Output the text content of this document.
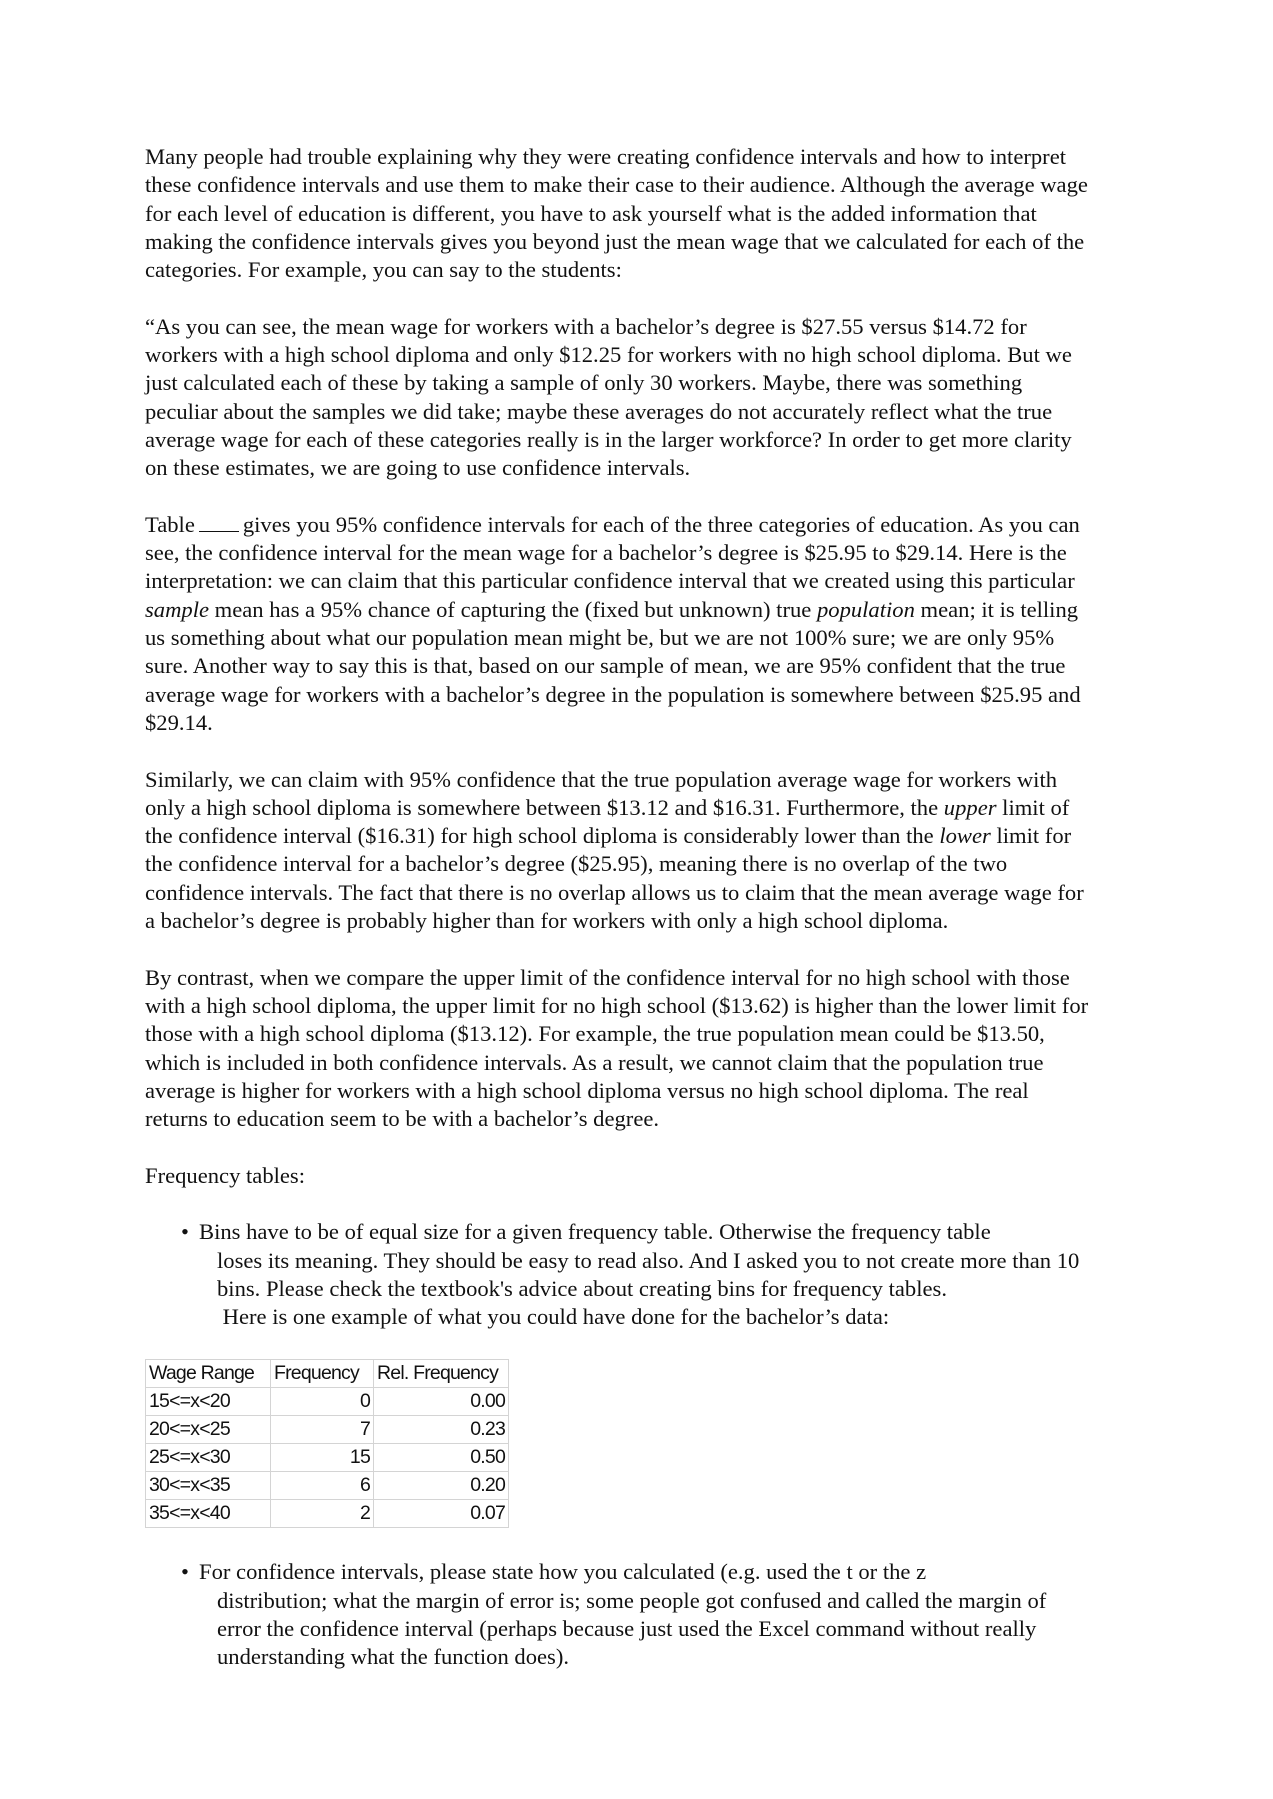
Many people had trouble explaining why they were creating confidence intervals and how to interpret these confidence intervals and use them to make their case to their audience. Although the average wage for each level of education is different, you have to ask yourself what is the added information that making the confidence intervals gives you beyond just the mean wage that we calculated for each of the categories. For example, you can say to the students:

“As you can see, the mean wage for workers with a bachelor’s degree is $27.55 versus $14.72 for workers with a high school diploma and only $12.25 for workers with no high school diploma. But we just calculated each of these by taking a sample of only 30 workers. Maybe, there was something peculiar about the samples we did take; maybe these averages do not accurately reflect what the true average wage for each of these categories really is in the larger workforce? In order to get more clarity on these estimates, we are going to use confidence intervals.

Table gives you 95% confidence intervals for each of the three categories of education. As you can see, the confidence interval for the mean wage for a bachelor’s degree is $25.95 to $29.14. Here is the interpretation: we can claim that this particular confidence interval that we created using this particular sample mean has a 95% chance of capturing the (fixed but unknown) true population mean; it is telling us something about what our population mean might be, but we are not 100% sure; we are only 95% sure. Another way to say this is that, based on our sample of mean, we are 95% confident that the true average wage for workers with a bachelor’s degree in the population is somewhere between $25.95 and $29.14.

Similarly, we can claim with 95% confidence that the true population average wage for workers with only a high school diploma is somewhere between $13.12 and $16.31. Furthermore, the upper limit of the confidence interval ($16.31) for high school diploma is considerably lower than the lower limit for the confidence interval for a bachelor’s degree ($25.95), meaning there is no overlap of the two confidence intervals. The fact that there is no overlap allows us to claim that the mean average wage for a bachelor’s degree is probably higher than for workers with only a high school diploma.

By contrast, when we compare the upper limit of the confidence interval for no high school with those with a high school diploma, the upper limit for no high school ($13.62) is higher than the lower limit for those with a high school diploma ($13.12). For example, the true population mean could be $13.50, which is included in both confidence intervals. As a result, we cannot claim that the population true average is higher for workers with a high school diploma versus no high school diploma. The real returns to education seem to be with a bachelor’s degree.

Frequency tables:

• Bins have to be of equal size for a given frequency table. Otherwise the frequency table
loses its meaning. They should be easy to read also. And I asked you to not create more than 10 bins. Please check the textbook's advice about creating bins for frequency tables.
Here is one example of what you could have done for the bachelor’s data:
Wage Range	Frequency	Rel. Frequency
15<=x<20	0	0.00
20<=x<25	7	0.23
25<=x<30	15	0.50
30<=x<35	6	0.20
35<=x<40	2	0.07
• For confidence intervals, please state how you calculated (e.g. used the t or the z
distribution; what the margin of error is; some people got confused and called the margin of error the confidence interval (perhaps because just used the Excel command without really understanding what the function does).
